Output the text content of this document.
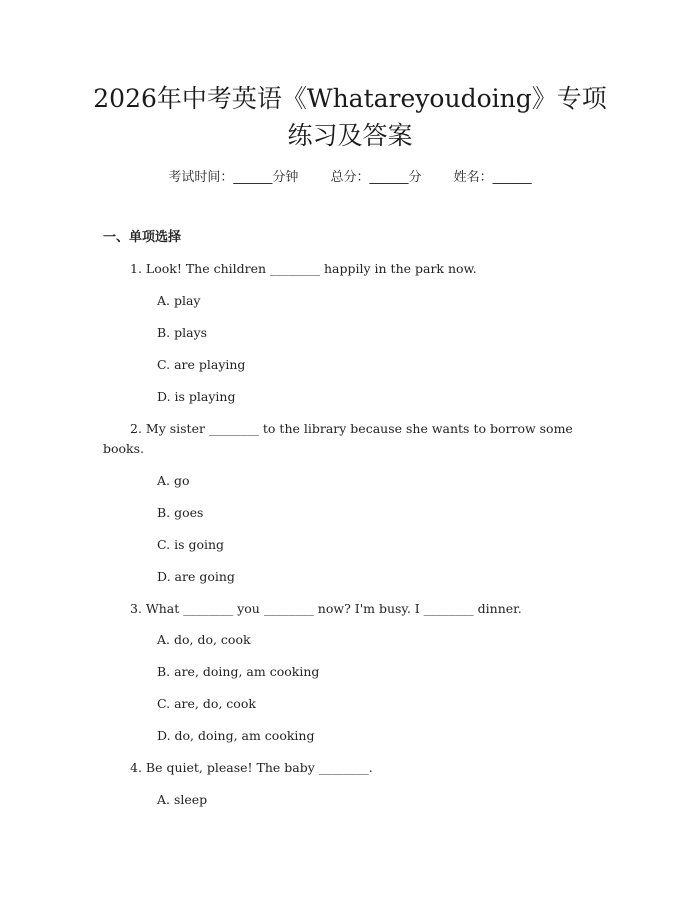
2026年中考英语《Whatareyoudoing》专项
练习及答案
考试时间：______分钟 总分：______分 姓名：______
一、单项选择
1. Look! The children ________ happily in the park now.
A. play
B. plays
C. are playing
D. is playing
2. My sister ________ to the library because she wants to borrow some books.
A. go
B. goes
C. is going
D. are going
3. What ________ you ________ now? I'm busy. I ________ dinner.
A. do, do, cook
B. are, doing, am cooking
C. are, do, cook
D. do, doing, am cooking
4. Be quiet, please! The baby ________.
A. sleep
